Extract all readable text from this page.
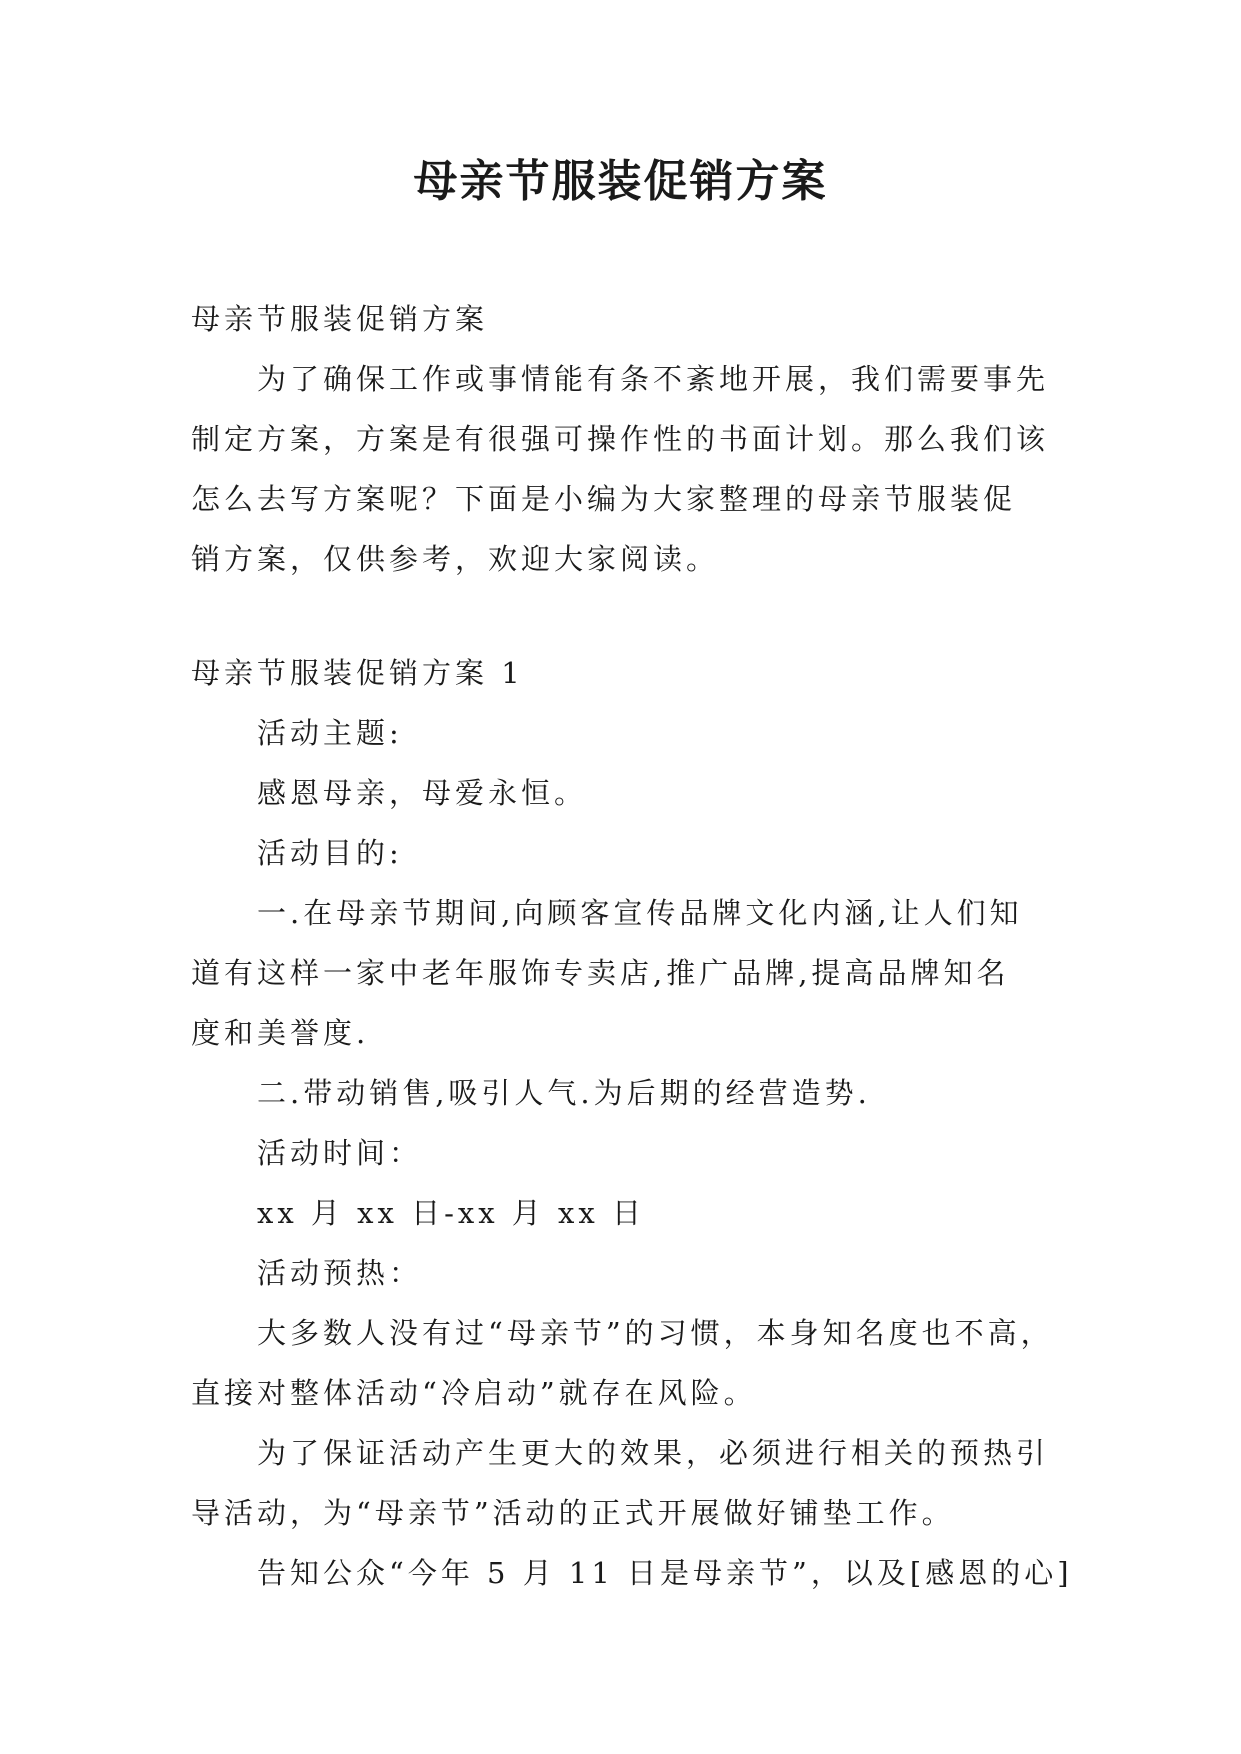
母亲节服装促销方案
母亲节服装促销方案
为了确保工作或事情能有条不紊地开展，我们需要事先
制定方案，方案是有很强可操作性的书面计划。那么我们该
怎么去写方案呢？下面是小编为大家整理的母亲节服装促
销方案，仅供参考，欢迎大家阅读。
母亲节服装促销方案 1
活动主题:
感恩母亲，母爱永恒。
活动目的:
一.在母亲节期间,向顾客宣传品牌文化内涵,让人们知
道有这样一家中老年服饰专卖店,推广品牌,提高品牌知名
度和美誉度.
二.带动销售,吸引人气.为后期的经营造势.
活动时间：
xx 月 xx 日-xx 月 xx 日
活动预热：
大多数人没有过“母亲节”的习惯，本身知名度也不高，
直接对整体活动“冷启动”就存在风险。
为了保证活动产生更大的效果，必须进行相关的预热引
导活动，为“母亲节”活动的正式开展做好铺垫工作。
告知公众“今年 5 月 11 日是母亲节”，以及[感恩的心]
